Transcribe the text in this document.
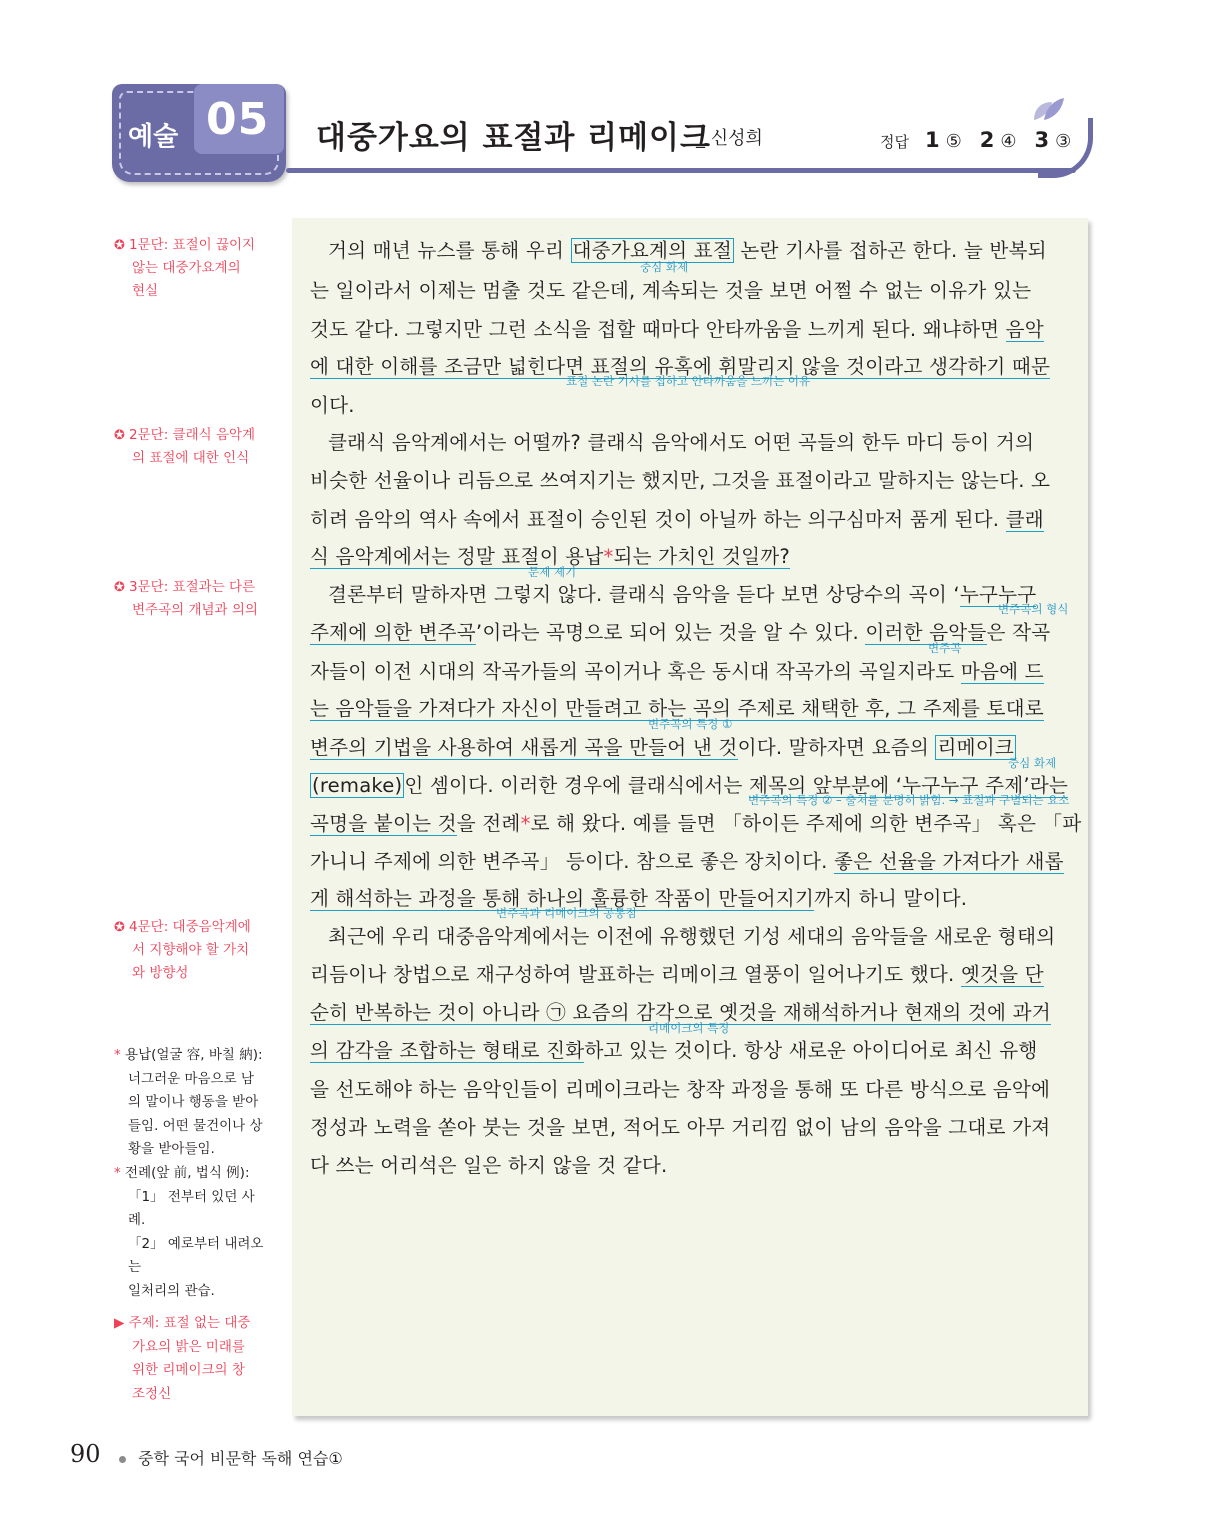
예술 05 대중가요의 표절과 리메이크
_ 신성희	정답 1 ⑤ 2 ④ 3 ③
✪ 1문단: 표절이 끊이지
않는 대중가요계의
현실
✪ 2문단: 클래식 음악계
의 표절에 대한 인식
✪ 3문단: 표절과는 다른
변주곡의 개념과 의의
✪ 4문단: 대중음악계에
서 지향해야 할 가치
와 방향성
* 용납(얼굴 容, 바칠 納):
너그러운 마음으로 남
의 말이나 행동을 받아
들임. 어떤 물건이나 상
황을 받아들임.
* 전례(앞 前, 법식 例):
「1」 전부터 있던 사례.
「2」 예로부터 내려오는
일처리의 관습.
▶ 주제: 표절 없는 대중
가요의 밝은 미래를
위한 리메이크의 창
조정신
거의 매년 뉴스를 통해 우리 대중가요계의 표절 논란 기사를 접하곤 한다. 늘 반복되
중심 화제
는 일이라서 이제는 멈출 것도 같은데, 계속되는 것을 보면 어쩔 수 없는 이유가 있는
것도 같다. 그렇지만 그런 소식을 접할 때마다 안타까움을 느끼게 된다. 왜냐하면 음악
에 대한 이해를 조금만 넓힌다면 표절의 유혹에 휘말리지 않을 것이라고 생각하기 때문
표절 논란 기사를 접하고 안타까움을 느끼는 이유
이다.
클래식 음악계에서는 어떨까? 클래식 음악에서도 어떤 곡들의 한두 마디 등이 거의
비슷한 선율이나 리듬으로 쓰여지기는 했지만, 그것을 표절이라고 말하지는 않는다. 오
히려 음악의 역사 속에서 표절이 승인된 것이 아닐까 하는 의구심마저 품게 된다. 클래
식 음악계에서는 정말 표절이 용납*되는 가치인 것일까?
문제 제기
결론부터 말하자면 그렇지 않다. 클래식 음악을 듣다 보면 상당수의 곡이 ‘누구누구
변주곡의 형식
주제에 의한 변주곡’이라는 곡명으로 되어 있는 것을 알 수 있다. 이러한 음악들은 작곡
변주곡
자들이 이전 시대의 작곡가들의 곡이거나 혹은 동시대 작곡가의 곡일지라도 마음에 드
는 음악들을 가져다가 자신이 만들려고 하는 곡의 주제로 채택한 후, 그 주제를 토대로
변주곡의 특징 ①
변주의 기법을 사용하여 새롭게 곡을 만들어 낸 것이다. 말하자면 요즘의 리메이크
중심 화제
(remake) 인 셈이다. 이러한 경우에 클래식에서는 제목의 앞부분에 ‘누구누구 주제’라는
변주곡의 특징 ② – 출처를 분명히 밝힘. → 표절과 구별되는 요소
곡명을 붙이는 것을 전례*로 해 왔다. 예를 들면 「하이든 주제에 의한 변주곡」 혹은 「파
가니니 주제에 의한 변주곡」 등이다. 참으로 좋은 장치이다. 좋은 선율을 가져다가 새롭
게 해석하는 과정을 통해 하나의 훌륭한 작품이 만들어지기까지 하니 말이다.
변주곡과 리메이크의 공통점
최근에 우리 대중음악계에서는 이전에 유행했던 기성 세대의 음악들을 새로운 형태의
리듬이나 창법으로 재구성하여 발표하는 리메이크 열풍이 일어나기도 했다. 옛것을 단
순히 반복하는 것이 아니라 ㉠ 요즘의 감각으로 옛것을 재해석하거나 현재의 것에 과거
리메이크의 특징
의 감각을 조합하는 형태로 진화하고 있는 것이다. 항상 새로운 아이디어로 최신 유행
을 선도해야 하는 음악인들이 리메이크라는 창작 과정을 통해 또 다른 방식으로 음악에
정성과 노력을 쏟아 붓는 것을 보면, 적어도 아무 거리낌 없이 남의 음악을 그대로 가져
다 쓰는 어리석은 일은 하지 않을 것 같다.
90 중학 국어 비문학 독해 연습①
